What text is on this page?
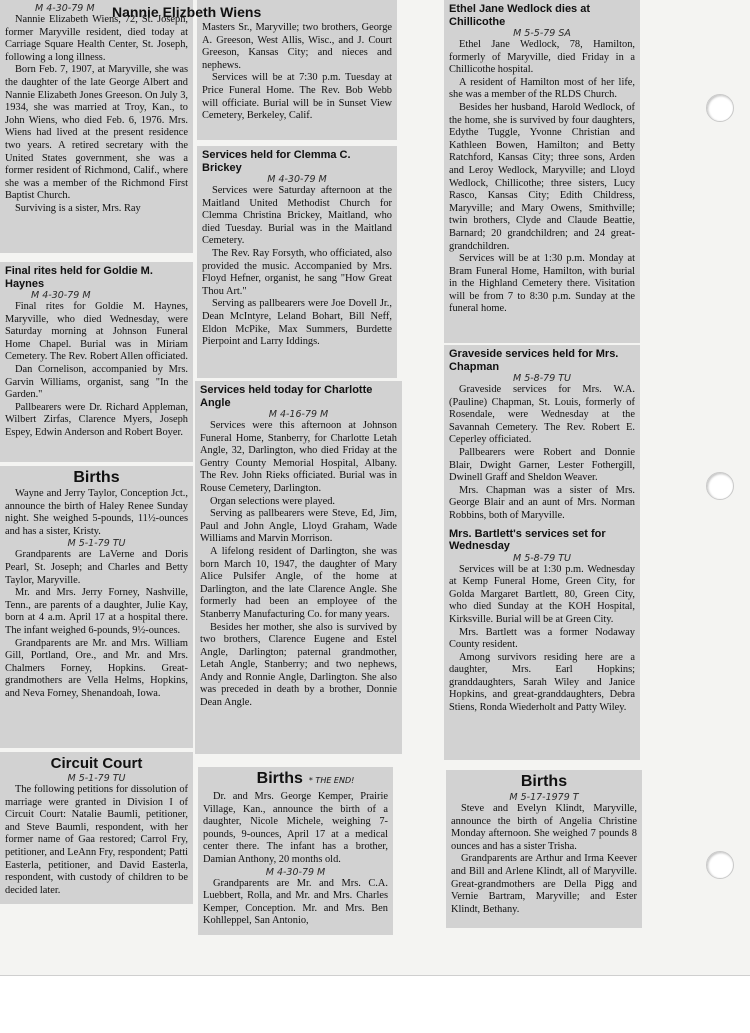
M 4-30-79 M

Nannie Elizabeth Wiens, 72, St. Joseph, former Maryville resident, died today at Carriage Square Health Center, St. Joseph, following a long illness.

Born Feb. 7, 1907, at Maryville, she was the daughter of the late George Albert and Nannie Elizabeth Jones Greeson. On July 3, 1934, she was married at Troy, Kan., to John Wiens, who died Feb. 6, 1976. Mrs. Wiens had lived at the present residence two years. A retired secretary with the United States government, she was a former resident of Richmond, Calif., where she was a member of the Richmond First Baptist Church.

Surviving is a sister, Mrs. Ray

Nannie Elizbeth Wiens

Masters Sr., Maryville; two brothers, George A. Greeson, West Allis, Wisc., and J. Court Greeson, Kansas City; and nieces and nephews.

Services will be at 7:30 p.m. Tuesday at Price Funeral Home. The Rev. Bob Webb will officiate. Burial will be in Sunset View Cemetery, Berkeley, Calif.

Final rites held for Goldie M. Haynes
M 4-30-79 M

Final rites for Goldie M. Haynes, Maryville, who died Wednesday, were Saturday morning at Johnson Funeral Home Chapel. Burial was in Miriam Cemetery. The Rev. Robert Allen officiated.

Dan Cornelison, accompanied by Mrs. Garvin Williams, organist, sang "In the Garden."

Pallbearers were Dr. Richard Appleman, Wilbert Zirfas, Clarence Myers, Joseph Espey, Edwin Anderson and Robert Boyer.

Births

Wayne and Jerry Taylor, Conception Jct., announce the birth of Haley Renee Sunday night. She weighed 5-pounds, 11½-ounces and has a sister, Kristy.

M 5-1-79 TU

Grandparents are LaVerne and Doris Pearl, St. Joseph; and Charles and Betty Taylor, Maryville.

Mr. and Mrs. Jerry Forney, Nashville, Tenn., are parents of a daughter, Julie Kay, born at 4 a.m. April 17 at a hospital there. The infant weighed 6-pounds, 9½-ounces.

Grandparents are Mr. and Mrs. William Gill, Portland, Ore., and Mr. and Mrs. Chalmers Forney, Hopkins. Great-grandmothers are Vella Helms, Hopkins, and Neva Forney, Shenandoah, Iowa.

Circuit Court
M 5-1-79 TU

The following petitions for dissolution of marriage were granted in Division I of Circuit Court: Natalie Baumli, petitioner, and Steve Baumli, respondent, with her former name of Gaa restored; Carrol Fry, petitioner, and LeAnn Fry, respondent; Patti Easterla, petitioner, and David Easterla, respondent, with custody of children to be decided later.

Services held for Clemma C. Brickey
M 4-30-79 M

Services were Saturday afternoon at the Maitland United Methodist Church for Clemma Christina Brickey, Maitland, who died Tuesday. Burial was in the Maitland Cemetery.

The Rev. Ray Forsyth, who officiated, also provided the music. Accompanied by Mrs. Floyd Hefner, organist, he sang "How Great Thou Art."

Serving as pallbearers were Joe Dovell Jr., Dean McIntyre, Leland Bohart, Bill Neff, Eldon McPike, Max Summers, Burdette Pierpoint and Larry Iddings.

Services held today for Charlotte Angle
M 4-16-79 M

Services were this afternoon at Johnson Funeral Home, Stanberry, for Charlotte Letah Angle, 32, Darlington, who died Friday at the Gentry County Memorial Hospital, Albany. The Rev. John Rieks officiated. Burial was in Rouse Cemetery, Darlington.

Organ selections were played.

Serving as pallbearers were Steve, Ed, Jim, Paul and John Angle, Lloyd Graham, Wade Williams and Marvin Morrison.

A lifelong resident of Darlington, she was born March 10, 1947, the daughter of Mary Alice Pulsifer Angle, of the home at Darlington, and the late Clarence Angle. She formerly had been an employee of the Stanberry Manufacturing Co. for many years.

Besides her mother, she also is survived by two brothers, Clarence Eugene and Estel Angle, Darlington; paternal grandmother, Letah Angle, Stanberry; and two nephews, Andy and Ronnie Angle, Darlington. She also was preceded in death by a brother, Donnie Dean Angle.

Births * THE END!

Dr. and Mrs. George Kemper, Prairie Village, Kan., announce the birth of a daughter, Nicole Michele, weighing 7-pounds, 9-ounces, April 17 at a medical center there. The infant has a brother, Damian Anthony, 20 months old.

M 4-30-79 M

Grandparents are Mr. and Mrs. C.A. Luebbert, Rolla, and Mr. and Mrs. Charles Kemper, Conception. Mr. and Mrs. Ben Kohlleppel, San Antonio,

Ethel Jane Wedlock dies at Chillicothe
M 5-5-79 SA

Ethel Jane Wedlock, 78, Hamilton, formerly of Maryville, died Friday in a Chillicothe hospital.

A resident of Hamilton most of her life, she was a member of the RLDS Church.

Besides her husband, Harold Wedlock, of the home, she is survived by four daughters, Edythe Tuggle, Yvonne Christian and Kathleen Bowen, Hamilton; and Betty Ratchford, Kansas City; three sons, Arden and Leroy Wedlock, Maryville; and Lloyd Wedlock, Chillicothe; three sisters, Lucy Rasco, Kansas City; Edith Childress, Maryville; and Mary Owens, Smithville; twin brothers, Clyde and Claude Beattie, Barnard; 20 grandchildren; and 24 great-grandchildren.

Services will be at 1:30 p.m. Monday at Bram Funeral Home, Hamilton, with burial in the Highland Cemetery there. Visitation will be from 7 to 8:30 p.m. Sunday at the funeral home.

Graveside services held for Mrs. Chapman
M 5-8-79 TU

Graveside services for Mrs. W.A. (Pauline) Chapman, St. Louis, formerly of Rosendale, were Wednesday at the Savannah Cemetery. The Rev. Robert E. Ceperley officiated.

Pallbearers were Robert and Donnie Blair, Dwight Garner, Lester Fothergill, Dwinell Graff and Sheldon Weaver.

Mrs. Chapman was a sister of Mrs. George Blair and an aunt of Mrs. Norman Robbins, both of Maryville.

Mrs. Bartlett's services set for Wednesday
M 5-8-79 TU

Services will be at 1:30 p.m. Wednesday at Kemp Funeral Home, Green City, for Golda Margaret Bartlett, 80, Green City, who died Sunday at the KOH Hospital, Kirksville. Burial will be at Green City.

Mrs. Bartlett was a former Nodaway County resident.

Among survivors residing here are a daughter, Mrs. Earl Hopkins; granddaughters, Sarah Wiley and Janice Hopkins, and great-granddaughters, Debra Stiens, Ronda Wiederholt and Patty Wiley.

Births
M 5-17-1979 T

Steve and Evelyn Klindt, Maryville, announce the birth of Angelia Christine Monday afternoon. She weighed 7 pounds 8 ounces and has a sister Trisha.

Grandparents are Arthur and Irma Keever and Bill and Arlene Klindt, all of Maryville. Great-grandmothers are Della Pigg and Vernie Bartram, Maryville; and Ester Klindt, Bethany.
